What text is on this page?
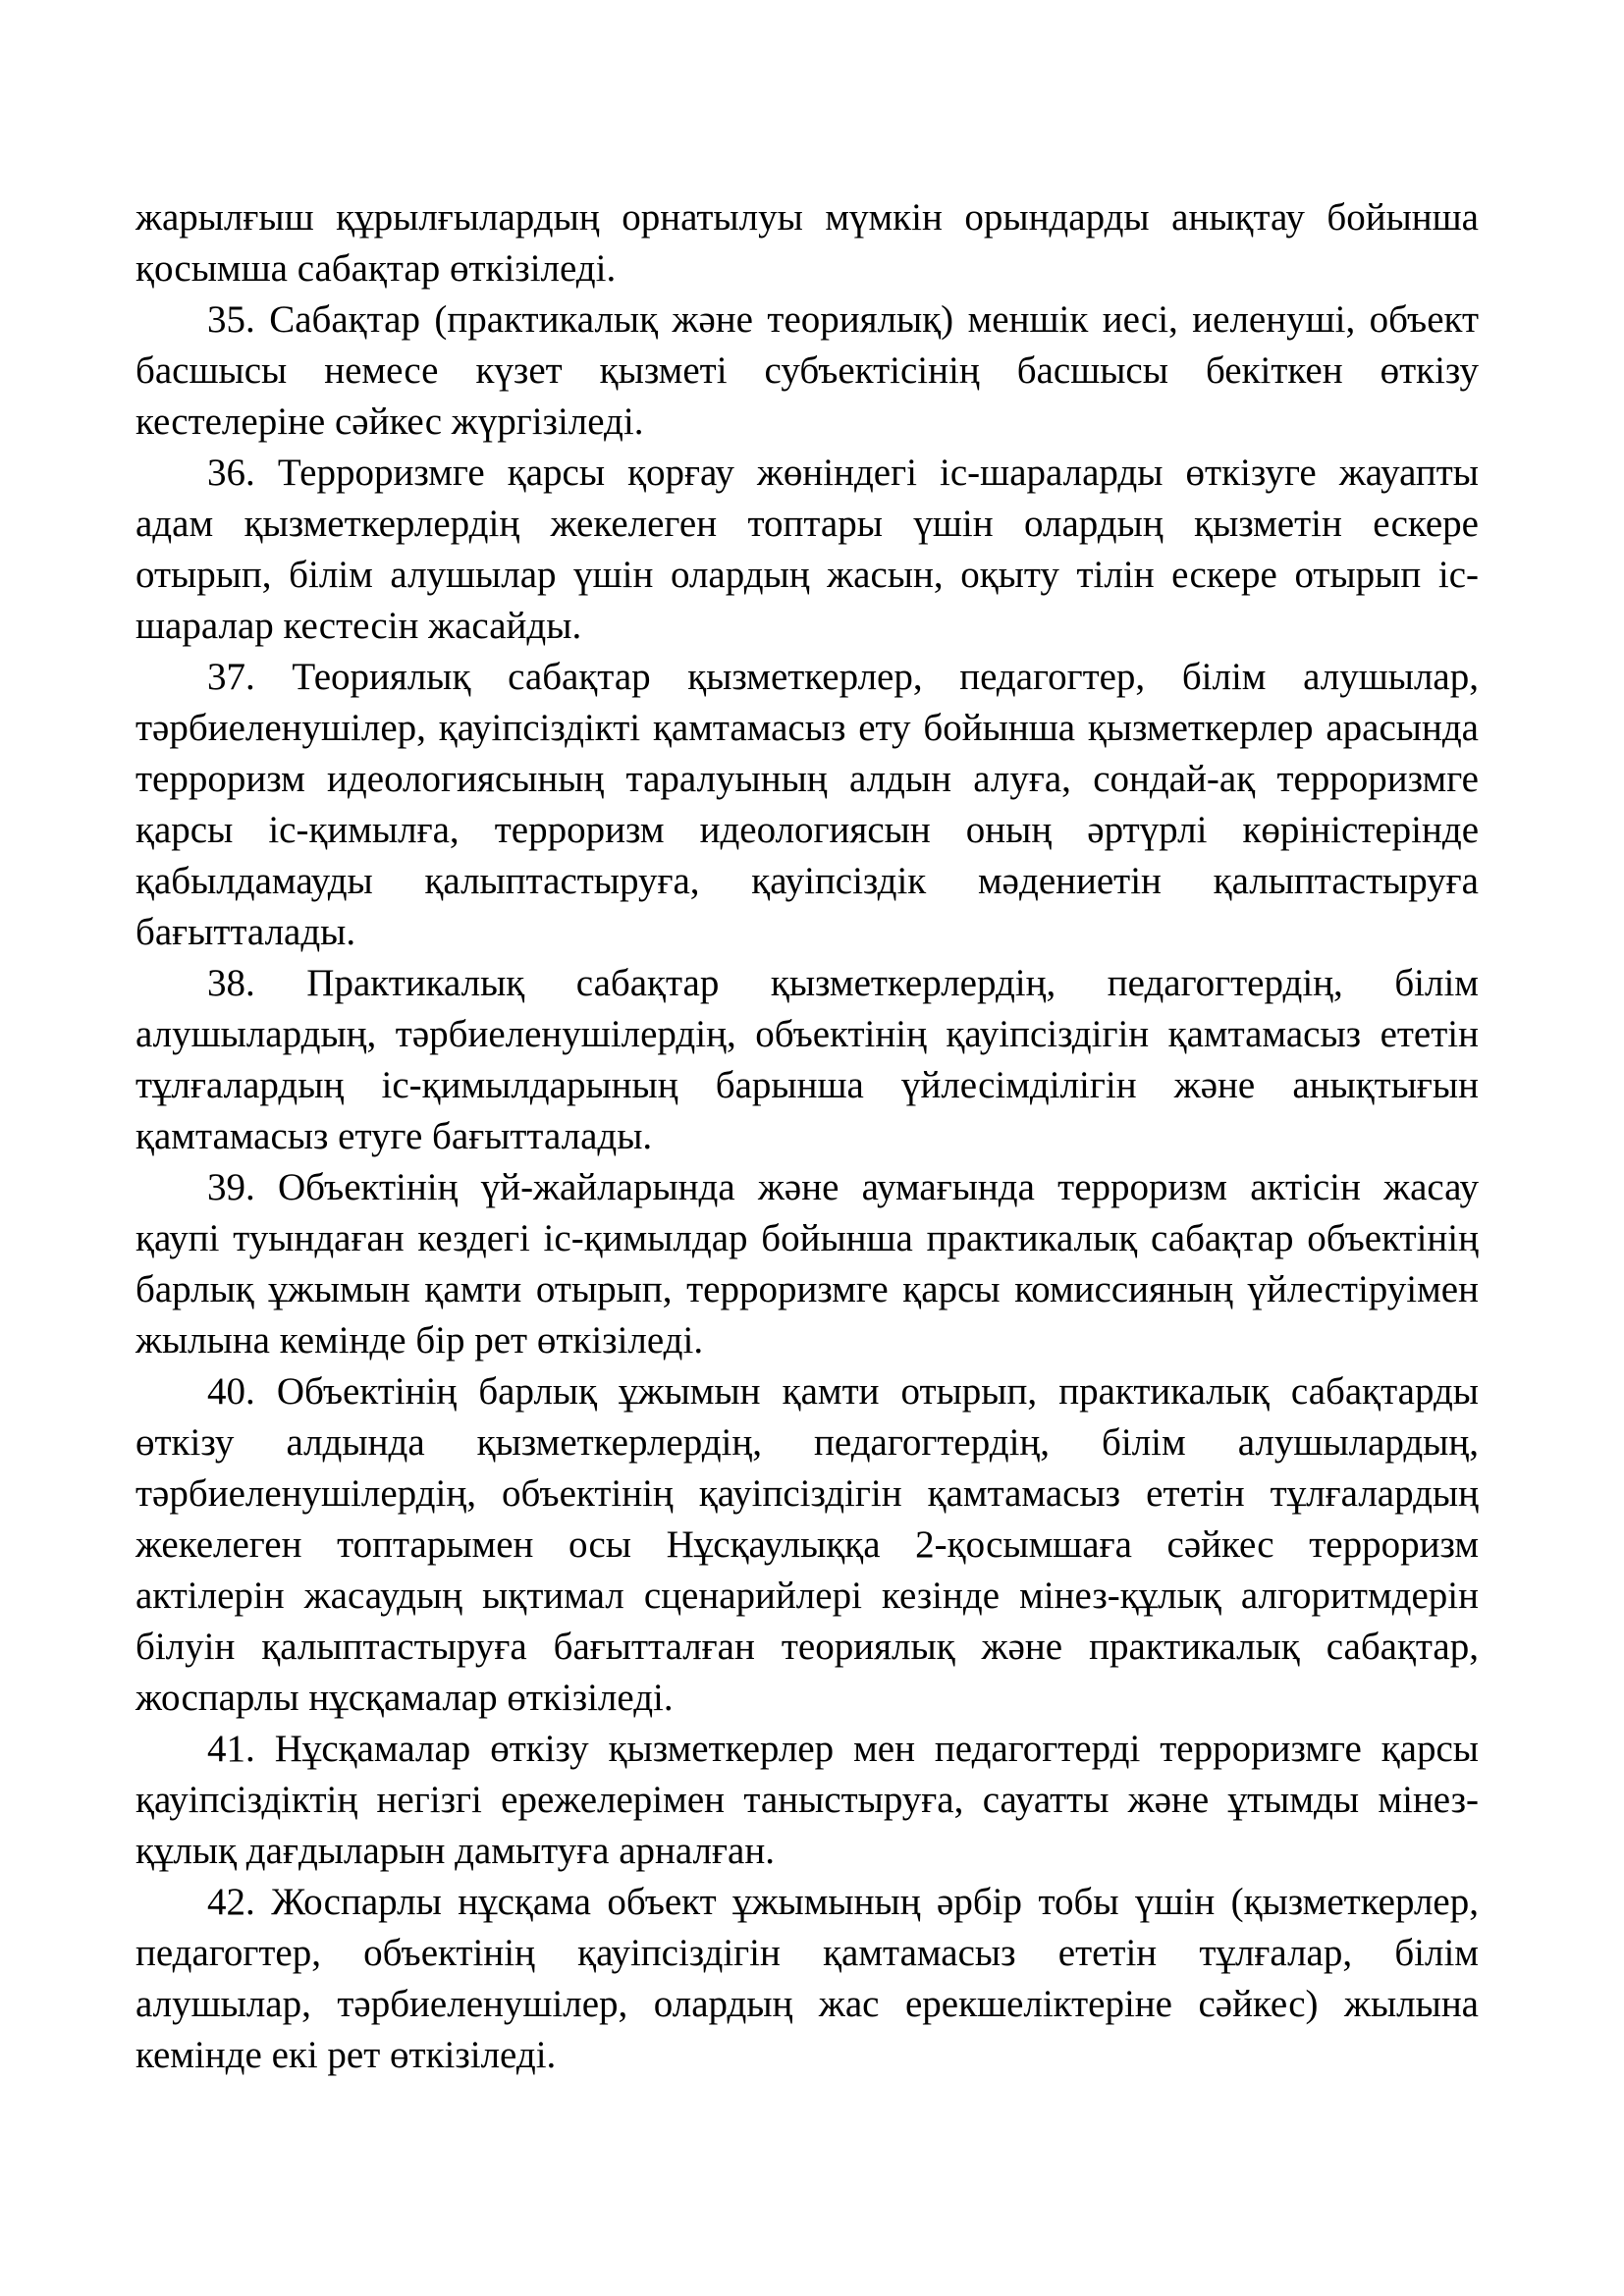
жарылғыш құрылғылардың орнатылуы мүмкін орындарды анықтау бойынша
қосымша сабақтар өткізіледі.
35. Сабақтар (практикалық және теориялық) меншік иесі, иеленуші, объект
басшысы немесе күзет қызметі субъектісінің басшысы бекіткен өткізу
кестелеріне сәйкес жүргізіледі.
36. Терроризмге қарсы қорғау жөніндегі іс-шараларды өткізуге жауапты
адам қызметкерлердің жекелеген топтары үшін олардың қызметін ескере
отырып, білім алушылар үшін олардың жасын, оқыту тілін ескере отырып іс-
шаралар кестесін жасайды.
37. Теориялық сабақтар қызметкерлер, педагогтер, білім алушылар,
тәрбиеленушілер, қауіпсіздікті қамтамасыз ету бойынша қызметкерлер арасында
терроризм идеологиясының таралуының алдын алуға, сондай-ақ терроризмге
қарсы іс-қимылға, терроризм идеологиясын оның әртүрлі көріністерінде
қабылдамауды қалыптастыруға, қауіпсіздік мәдениетін қалыптастыруға
бағытталады.
38. Практикалық сабақтар қызметкерлердің, педагогтердің, білім
алушылардың, тәрбиеленушілердің, объектінің қауіпсіздігін қамтамасыз ететін
тұлғалардың іс-қимылдарының барынша үйлесімділігін және анықтығын
қамтамасыз етуге бағытталады.
39. Объектінің үй-жайларында және аумағында терроризм актісін жасау
қаупі туындаған кездегі іс-қимылдар бойынша практикалық сабақтар объектінің
барлық ұжымын қамти отырып, терроризмге қарсы комиссияның үйлестіруімен
жылына кемінде бір рет өткізіледі.
40. Объектінің барлық ұжымын қамти отырып, практикалық сабақтарды
өткізу алдында қызметкерлердің, педагогтердің, білім алушылардың,
тәрбиеленушілердің, объектінің қауіпсіздігін қамтамасыз ететін тұлғалардың
жекелеген топтарымен осы Нұсқаулыққа 2-қосымшаға сәйкес терроризм
актілерін жасаудың ықтимал сценарийлері кезінде мінез-құлық алгоритмдерін
білуін қалыптастыруға бағытталған теориялық және практикалық сабақтар,
жоспарлы нұсқамалар өткізіледі.
41. Нұсқамалар өткізу қызметкерлер мен педагогтерді терроризмге қарсы
қауіпсіздіктің негізгі ережелерімен таныстыруға, сауатты және ұтымды мінез-
құлық дағдыларын дамытуға арналған.
42. Жоспарлы нұсқама объект ұжымының әрбір тобы үшін (қызметкерлер,
педагогтер, объектінің қауіпсіздігін қамтамасыз ететін тұлғалар, білім
алушылар, тәрбиеленушілер, олардың жас ерекшеліктеріне сәйкес) жылына
кемінде екі рет өткізіледі.
